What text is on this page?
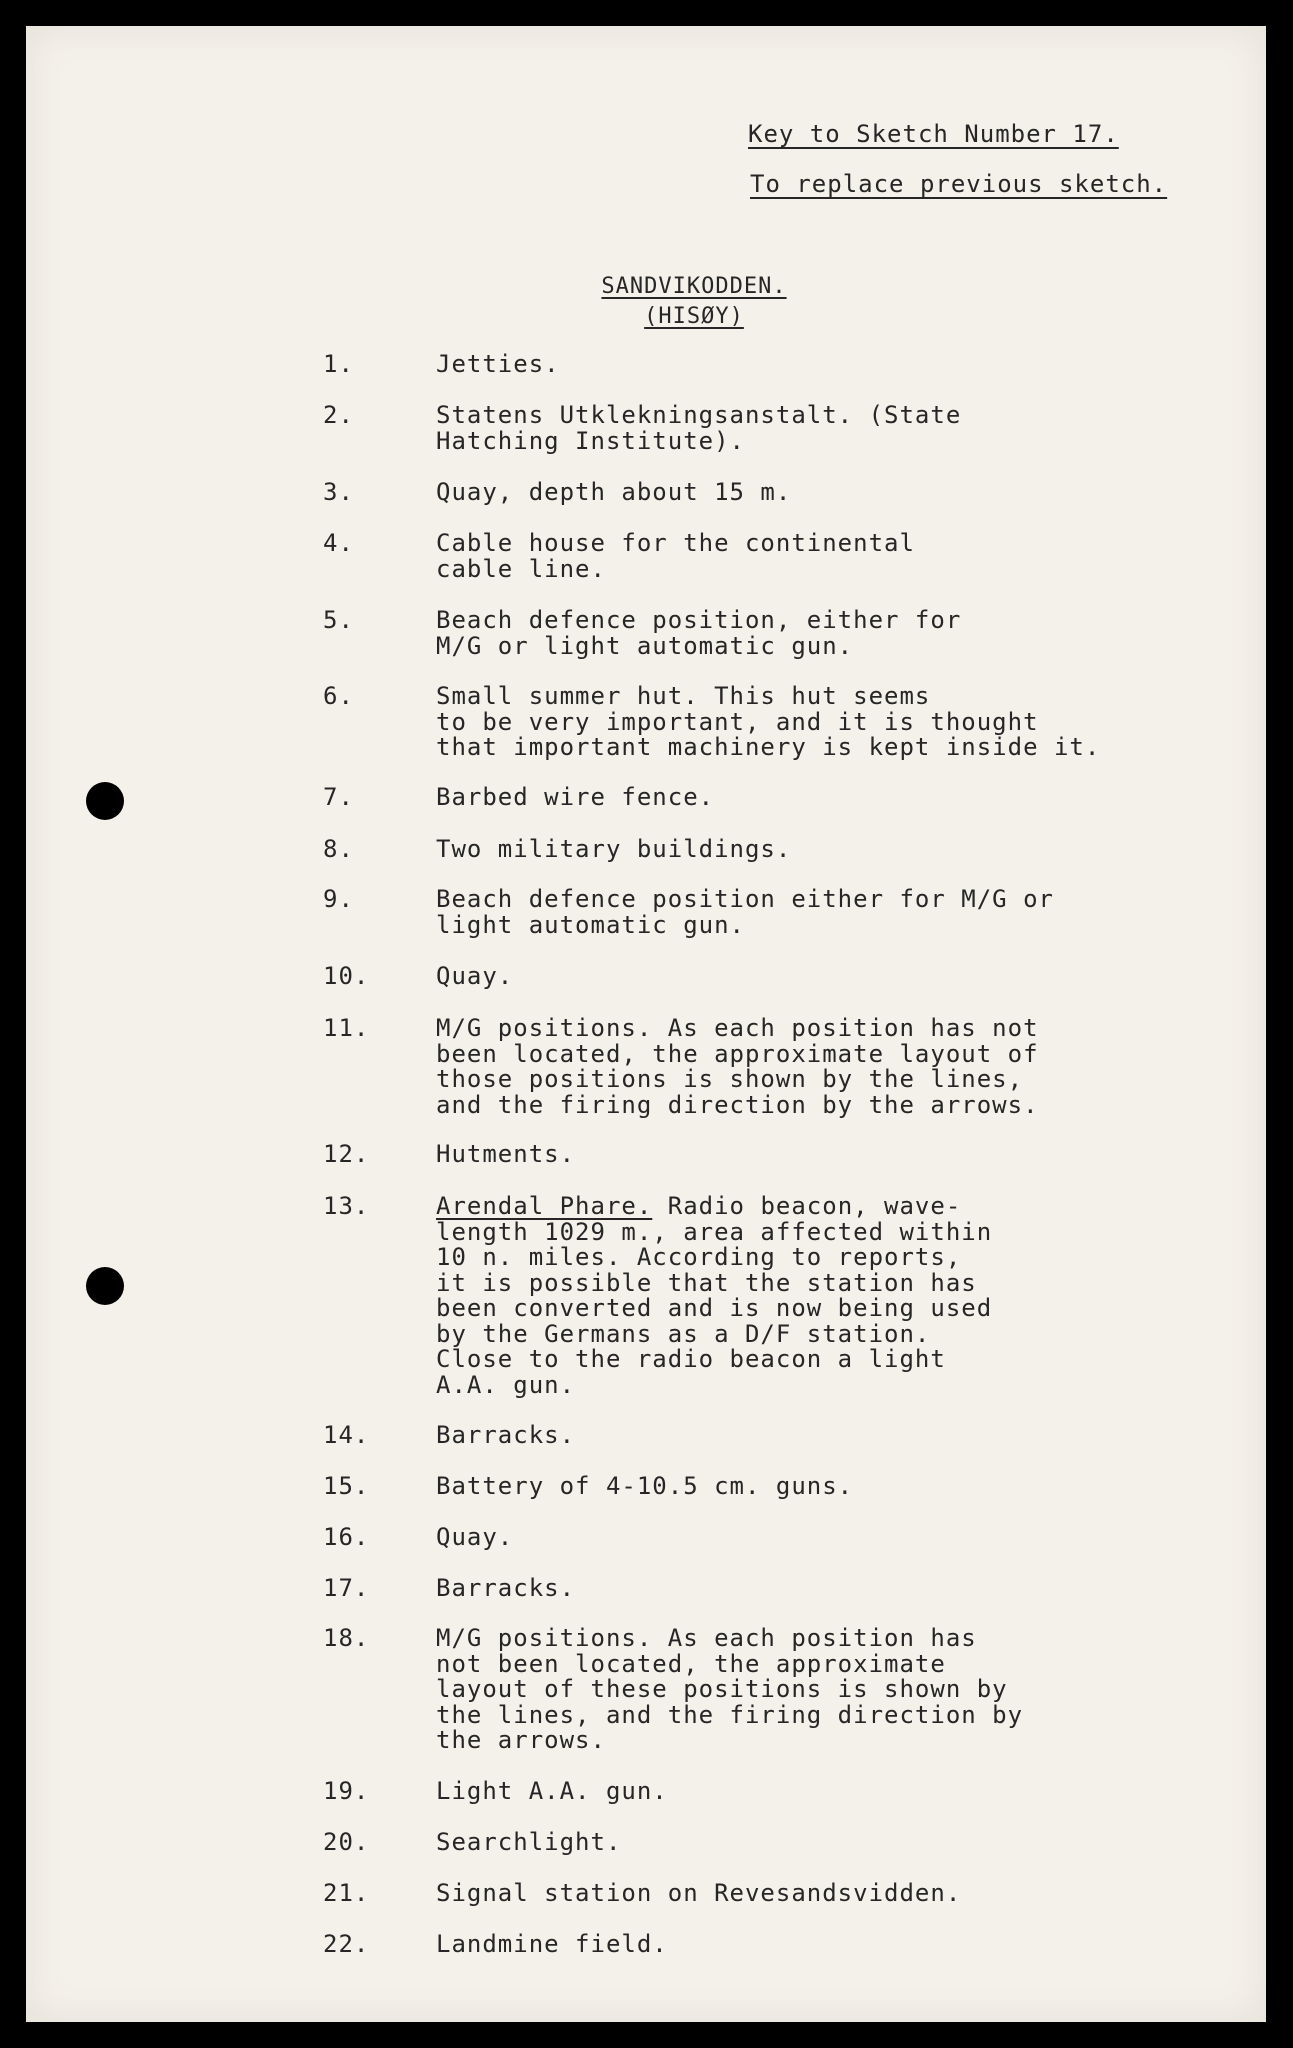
Key to Sketch Number 17.
To replace previous sketch.
SANDVIKODDEN.
(HISØY)
1.	Jetties.
2.	Statens Utklekningsanstalt. (State
Hatching Institute).
3.	Quay, depth about 15 m.
4.	Cable house for the continental
cable line.
5.	Beach defence position, either for
M/G or light automatic gun.
6.	Small summer hut. This hut seems
to be very important, and it is thought
that important machinery is kept inside it.
7.	Barbed wire fence.
8.	Two military buildings.
9.	Beach defence position either for M/G or
light automatic gun.
10.	Quay.
11.	M/G positions. As each position has not
been located, the approximate layout of
those positions is shown by the lines,
and the firing direction by the arrows.
12.	Hutments.
13.	Arendal Phare. Radio beacon, wave-
length 1029 m., area affected within
10 n. miles. According to reports,
it is possible that the station has
been converted and is now being used
by the Germans as a D/F station.
Close to the radio beacon a light
A.A. gun.
14.	Barracks.
15.	Battery of 4-10.5 cm. guns.
16.	Quay.
17.	Barracks.
18.	M/G positions. As each position has
not been located, the approximate
layout of these positions is shown by
the lines, and the firing direction by
the arrows.
19.	Light A.A. gun.
20.	Searchlight.
21.	Signal station on Revesandsvidden.
22.	Landmine field.
